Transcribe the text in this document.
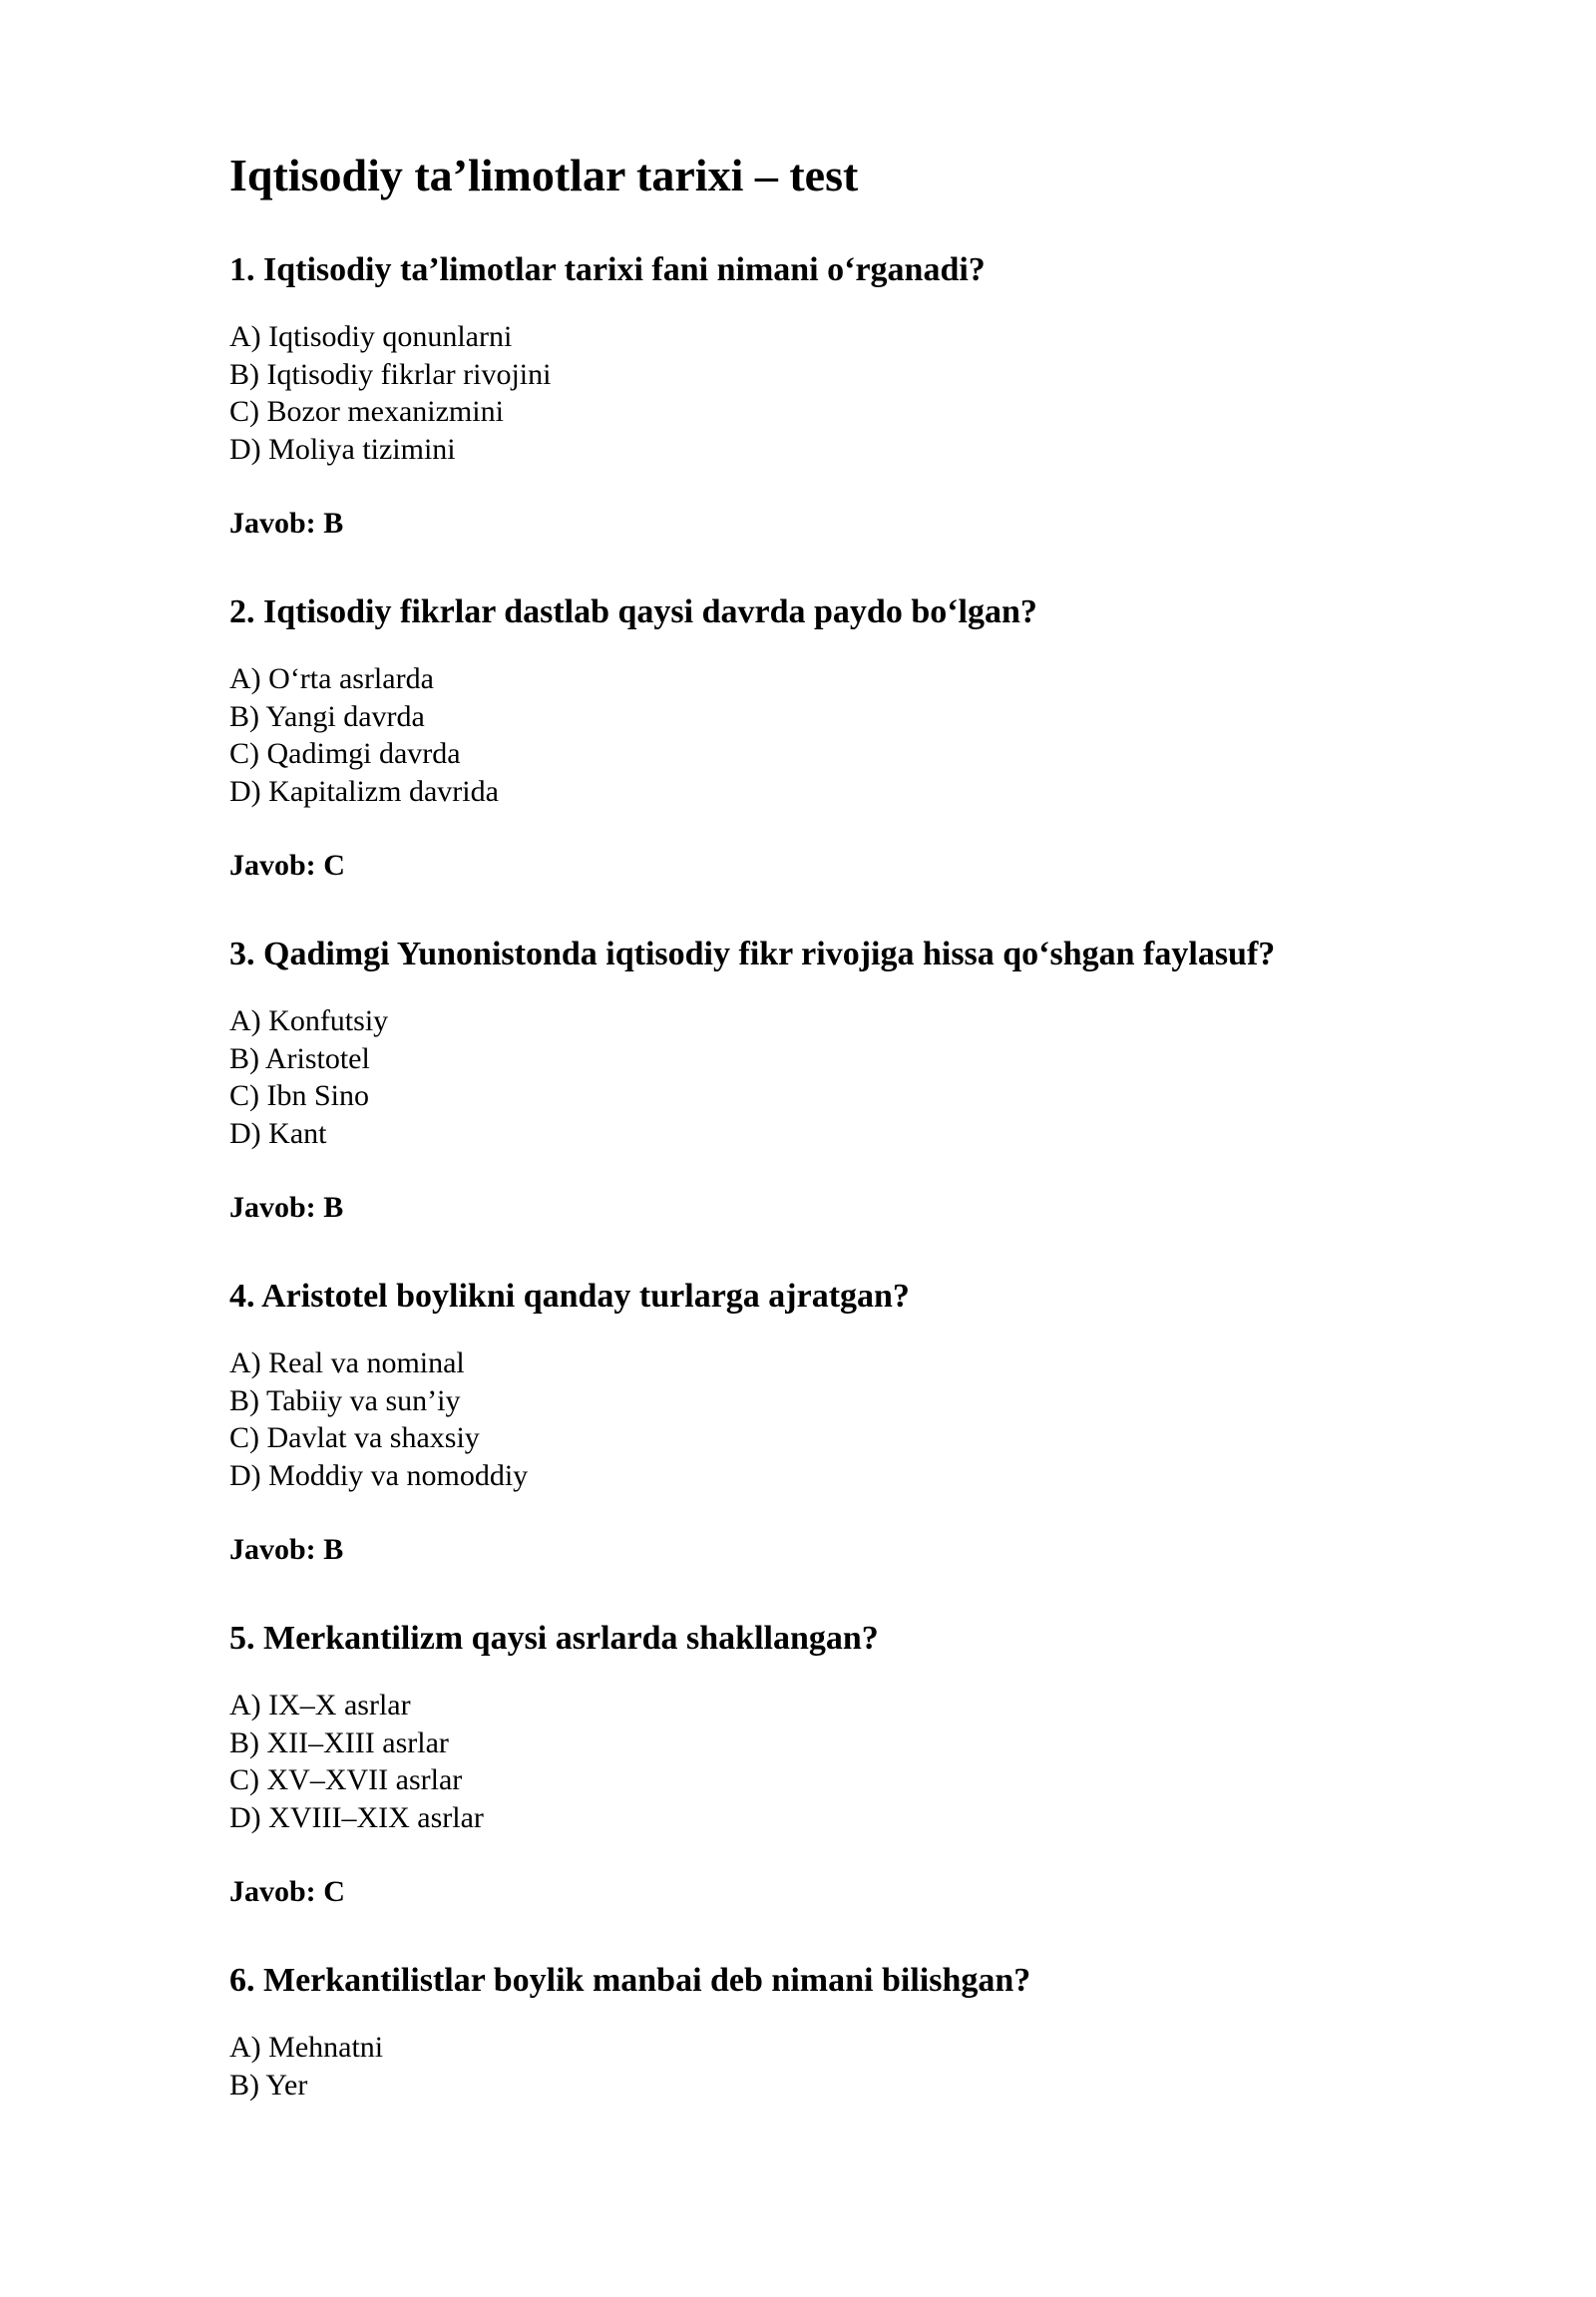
Iqtisodiy ta’limotlar tarixi – test
1. Iqtisodiy ta’limotlar tarixi fani nimani o‘rganadi?
A) Iqtisodiy qonunlarni
B) Iqtisodiy fikrlar rivojini
C) Bozor mexanizmini
D) Moliya tizimini

Javob: B

2. Iqtisodiy fikrlar dastlab qaysi davrda paydo bo‘lgan?
A) O‘rta asrlarda
B) Yangi davrda
C) Qadimgi davrda
D) Kapitalizm davrida

Javob: C

3. Qadimgi Yunonistonda iqtisodiy fikr rivojiga hissa qo‘shgan faylasuf?
A) Konfutsiy
B) Aristotel
C) Ibn Sino
D) Kant

Javob: B

4. Aristotel boylikni qanday turlarga ajratgan?
A) Real va nominal
B) Tabiiy va sun’iy
C) Davlat va shaxsiy
D) Moddiy va nomoddiy

Javob: B

5. Merkantilizm qaysi asrlarda shakllangan?
A) IX–X asrlar
B) XII–XIII asrlar
C) XV–XVII asrlar
D) XVIII–XIX asrlar

Javob: C

6. Merkantilistlar boylik manbai deb nimani bilishgan?
A) Mehnatni
B) Yer
